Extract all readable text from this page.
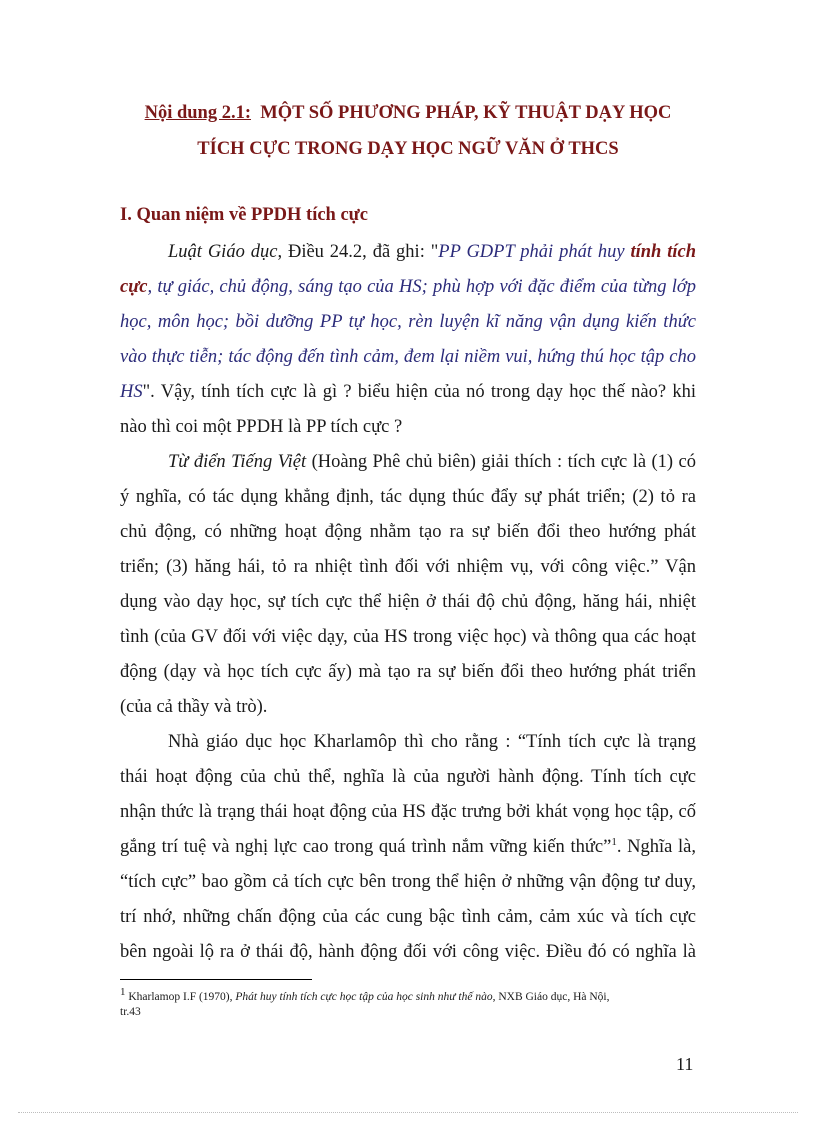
Nội dung 2.1: MỘT SỐ PHƯƠNG PHÁP, KỸ THUẬT DẠY HỌC
TÍCH CỰC TRONG DẠY HỌC NGỮ VĂN Ở THCS
I. Quan niệm về PPDH tích cực
Luật Giáo dục, Điều 24.2, đã ghi: "PP GDPT phải phát huy tính tích
cực, tự giác, chủ động, sáng tạo của HS; phù hợp với đặc điểm của từng lớp
học, môn học; bồi dưỡng PP tự học, rèn luyện kĩ năng vận dụng kiến thức
vào thực tiễn; tác động đến tình cảm, đem lại niềm vui, hứng thú học tập cho
HS". Vậy, tính tích cực là gì ? biểu hiện của nó trong dạy học thế nào? khi
nào thì coi một PPDH là PP tích cực ?
Từ điển Tiếng Việt (Hoàng Phê chủ biên) giải thích : tích cực là (1) có
ý nghĩa, có tác dụng khẳng định, tác dụng thúc đẩy sự phát triển; (2) tỏ ra
chủ động, có những hoạt động nhằm tạo ra sự biến đổi theo hướng phát
triển; (3) hăng hái, tỏ ra nhiệt tình đối với nhiệm vụ, với công việc.” Vận
dụng vào dạy học, sự tích cực thể hiện ở thái độ chủ động, hăng hái, nhiệt
tình (của GV đối với việc dạy, của HS trong việc học) và thông qua các hoạt
động (dạy và học tích cực ấy) mà tạo ra sự biến đổi theo hướng phát triển
(của cả thầy và trò).
Nhà giáo dục học Kharlamôp thì cho rằng : “Tính tích cực là trạng
thái hoạt động của chủ thể, nghĩa là của người hành động. Tính tích cực
nhận thức là trạng thái hoạt động của HS đặc trưng bởi khát vọng học tập, cố
gắng trí tuệ và nghị lực cao trong quá trình nắm vững kiến thức”$^1$. Nghĩa là,
“tích cực” bao gồm cả tích cực bên trong thể hiện ở những vận động tư duy,
trí nhớ, những chấn động của các cung bậc tình cảm, cảm xúc và tích cực
bên ngoài lộ ra ở thái độ, hành động đối với công việc. Điều đó có nghĩa là
$^1$ Kharlamop I.F (1970), Phát huy tính tích cực học tập của học sinh như thế nào, NXB Giáo dục, Hà Nội,
tr.43
11
